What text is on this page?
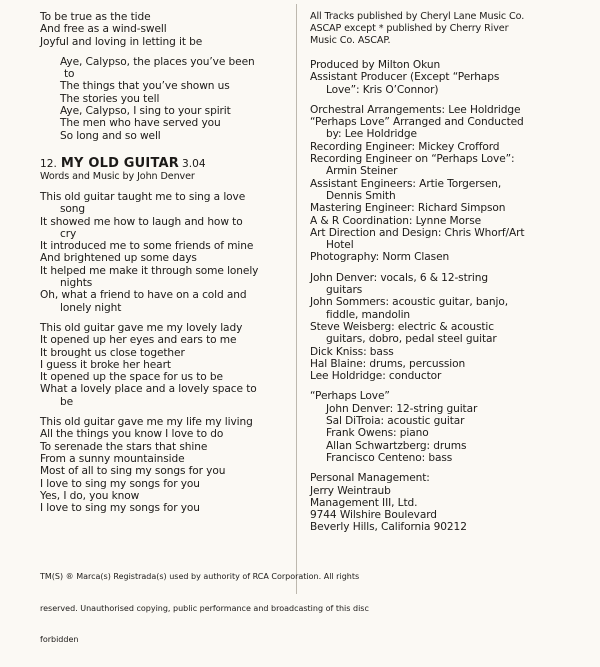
To be true as the tide
And free as a wind-swell
Joyful and loving in letting it be
Aye, Calypso, the places you’ve been
to
The things that you’ve shown us
The stories you tell
Aye, Calypso, I sing to your spirit
The men who have served you
So long and so well
12. MY OLD GUITAR 3.04
Words and Music by John Denver
This old guitar taught me to sing a love
song
It showed me how to laugh and how to
cry
It introduced me to some friends of mine
And brightened up some days
It helped me make it through some lonely
nights
Oh, what a friend to have on a cold and
lonely night
This old guitar gave me my lovely lady
It opened up her eyes and ears to me
It brought us close together
I guess it broke her heart
It opened up the space for us to be
What a lovely place and a lovely space to
be
This old guitar gave me my life my living
All the things you know I love to do
To serenade the stars that shine
From a sunny mountainside
Most of all to sing my songs for you
I love to sing my songs for you
Yes, I do, you know
I love to sing my songs for you
All Tracks published by Cheryl Lane Music Co.
ASCAP except * published by Cherry River
Music Co. ASCAP.
Produced by Milton Okun
Assistant Producer (Except “Perhaps
Love”: Kris O’Connor)
Orchestral Arrangements: Lee Holdridge
“Perhaps Love” Arranged and Conducted
by: Lee Holdridge
Recording Engineer: Mickey Crofford
Recording Engineer on “Perhaps Love”:
Armin Steiner
Assistant Engineers: Artie Torgersen,
Dennis Smith
Mastering Engineer: Richard Simpson
A & R Coordination: Lynne Morse
Art Direction and Design: Chris Whorf/Art
Hotel
Photography: Norm Clasen
John Denver: vocals, 6 & 12-string
guitars
John Sommers: acoustic guitar, banjo,
fiddle, mandolin
Steve Weisberg: electric & acoustic
guitars, dobro, pedal steel guitar
Dick Kniss: bass
Hal Blaine: drums, percussion
Lee Holdridge: conductor
“Perhaps Love”
John Denver: 12-string guitar
Sal DiTroia: acoustic guitar
Frank Owens: piano
Allan Schwartzberg: drums
Francisco Centeno: bass
Personal Management:
Jerry Weintraub
Management III, Ltd.
9744 Wilshire Boulevard
Beverly Hills, California 90212

TM(S) ® Marca(s) Registrada(s) used by authority of RCA Corporation. All rights

reserved. Unauthorised copying, public performance and broadcasting of this disc

forbidden
